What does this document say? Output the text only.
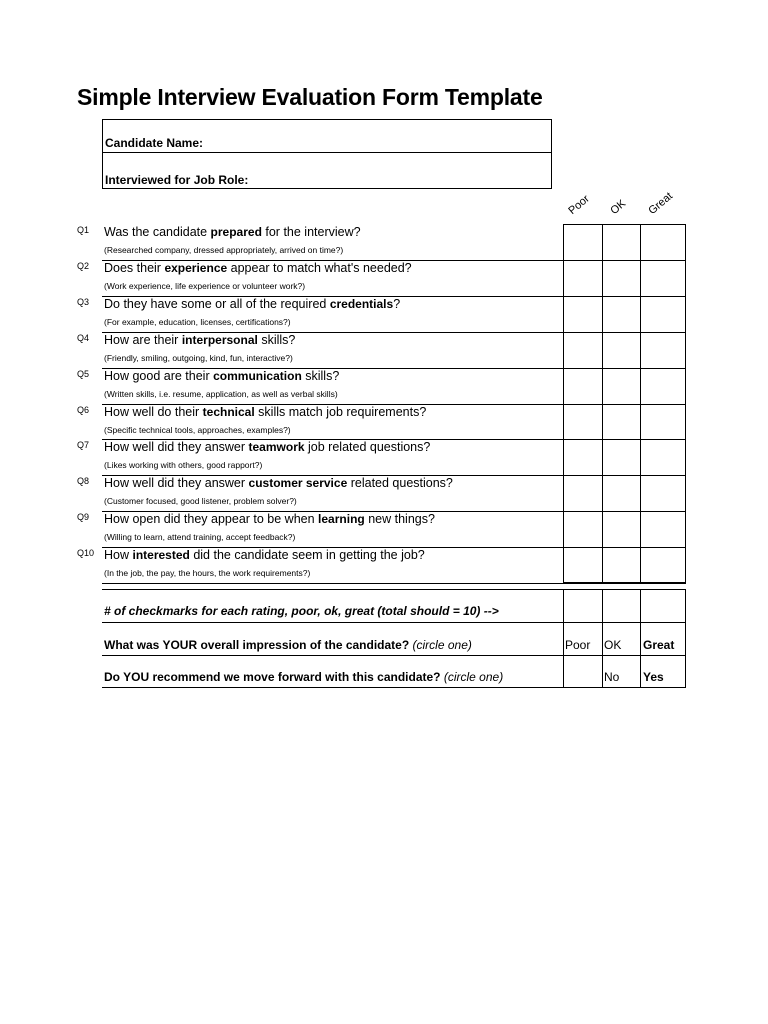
Simple Interview Evaluation Form Template
Candidate Name:
Interviewed for Job Role:
Poor OK Great
Q1 Was the candidate prepared for the interview?
(Researched company, dressed appropriately, arrived on time?)
Q2 Does their experience appear to match what's needed?
(Work experience, life experience or volunteer work?)
Q3 Do they have some or all of the required credentials?
(For example, education, licenses, certifications?)
Q4 How are their interpersonal skills?
(Friendly, smiling, outgoing, kind, fun, interactive?)
Q5 How good are their communication skills?
(Written skills, i.e. resume, application, as well as verbal skills)
Q6 How well do their technical skills match job requirements?
(Specific technical tools, approaches, examples?)
Q7 How well did they answer teamwork job related questions?
(Likes working with others, good rapport?)
Q8 How well did they answer customer service related questions?
(Customer focused, good listener, problem solver?)
Q9 How open did they appear to be when learning new things?
(Willing to learn, attend training, accept feedback?)
Q10 How interested did the candidate seem in getting the job?
(In the job, the pay, the hours, the work requirements?)
# of checkmarks for each rating, poor, ok, great (total should = 10) -->
What was YOUR overall impression of the candidate? (circle one)	Poor OK Great
Do YOU recommend we move forward with this candidate? (circle one)	No Yes
